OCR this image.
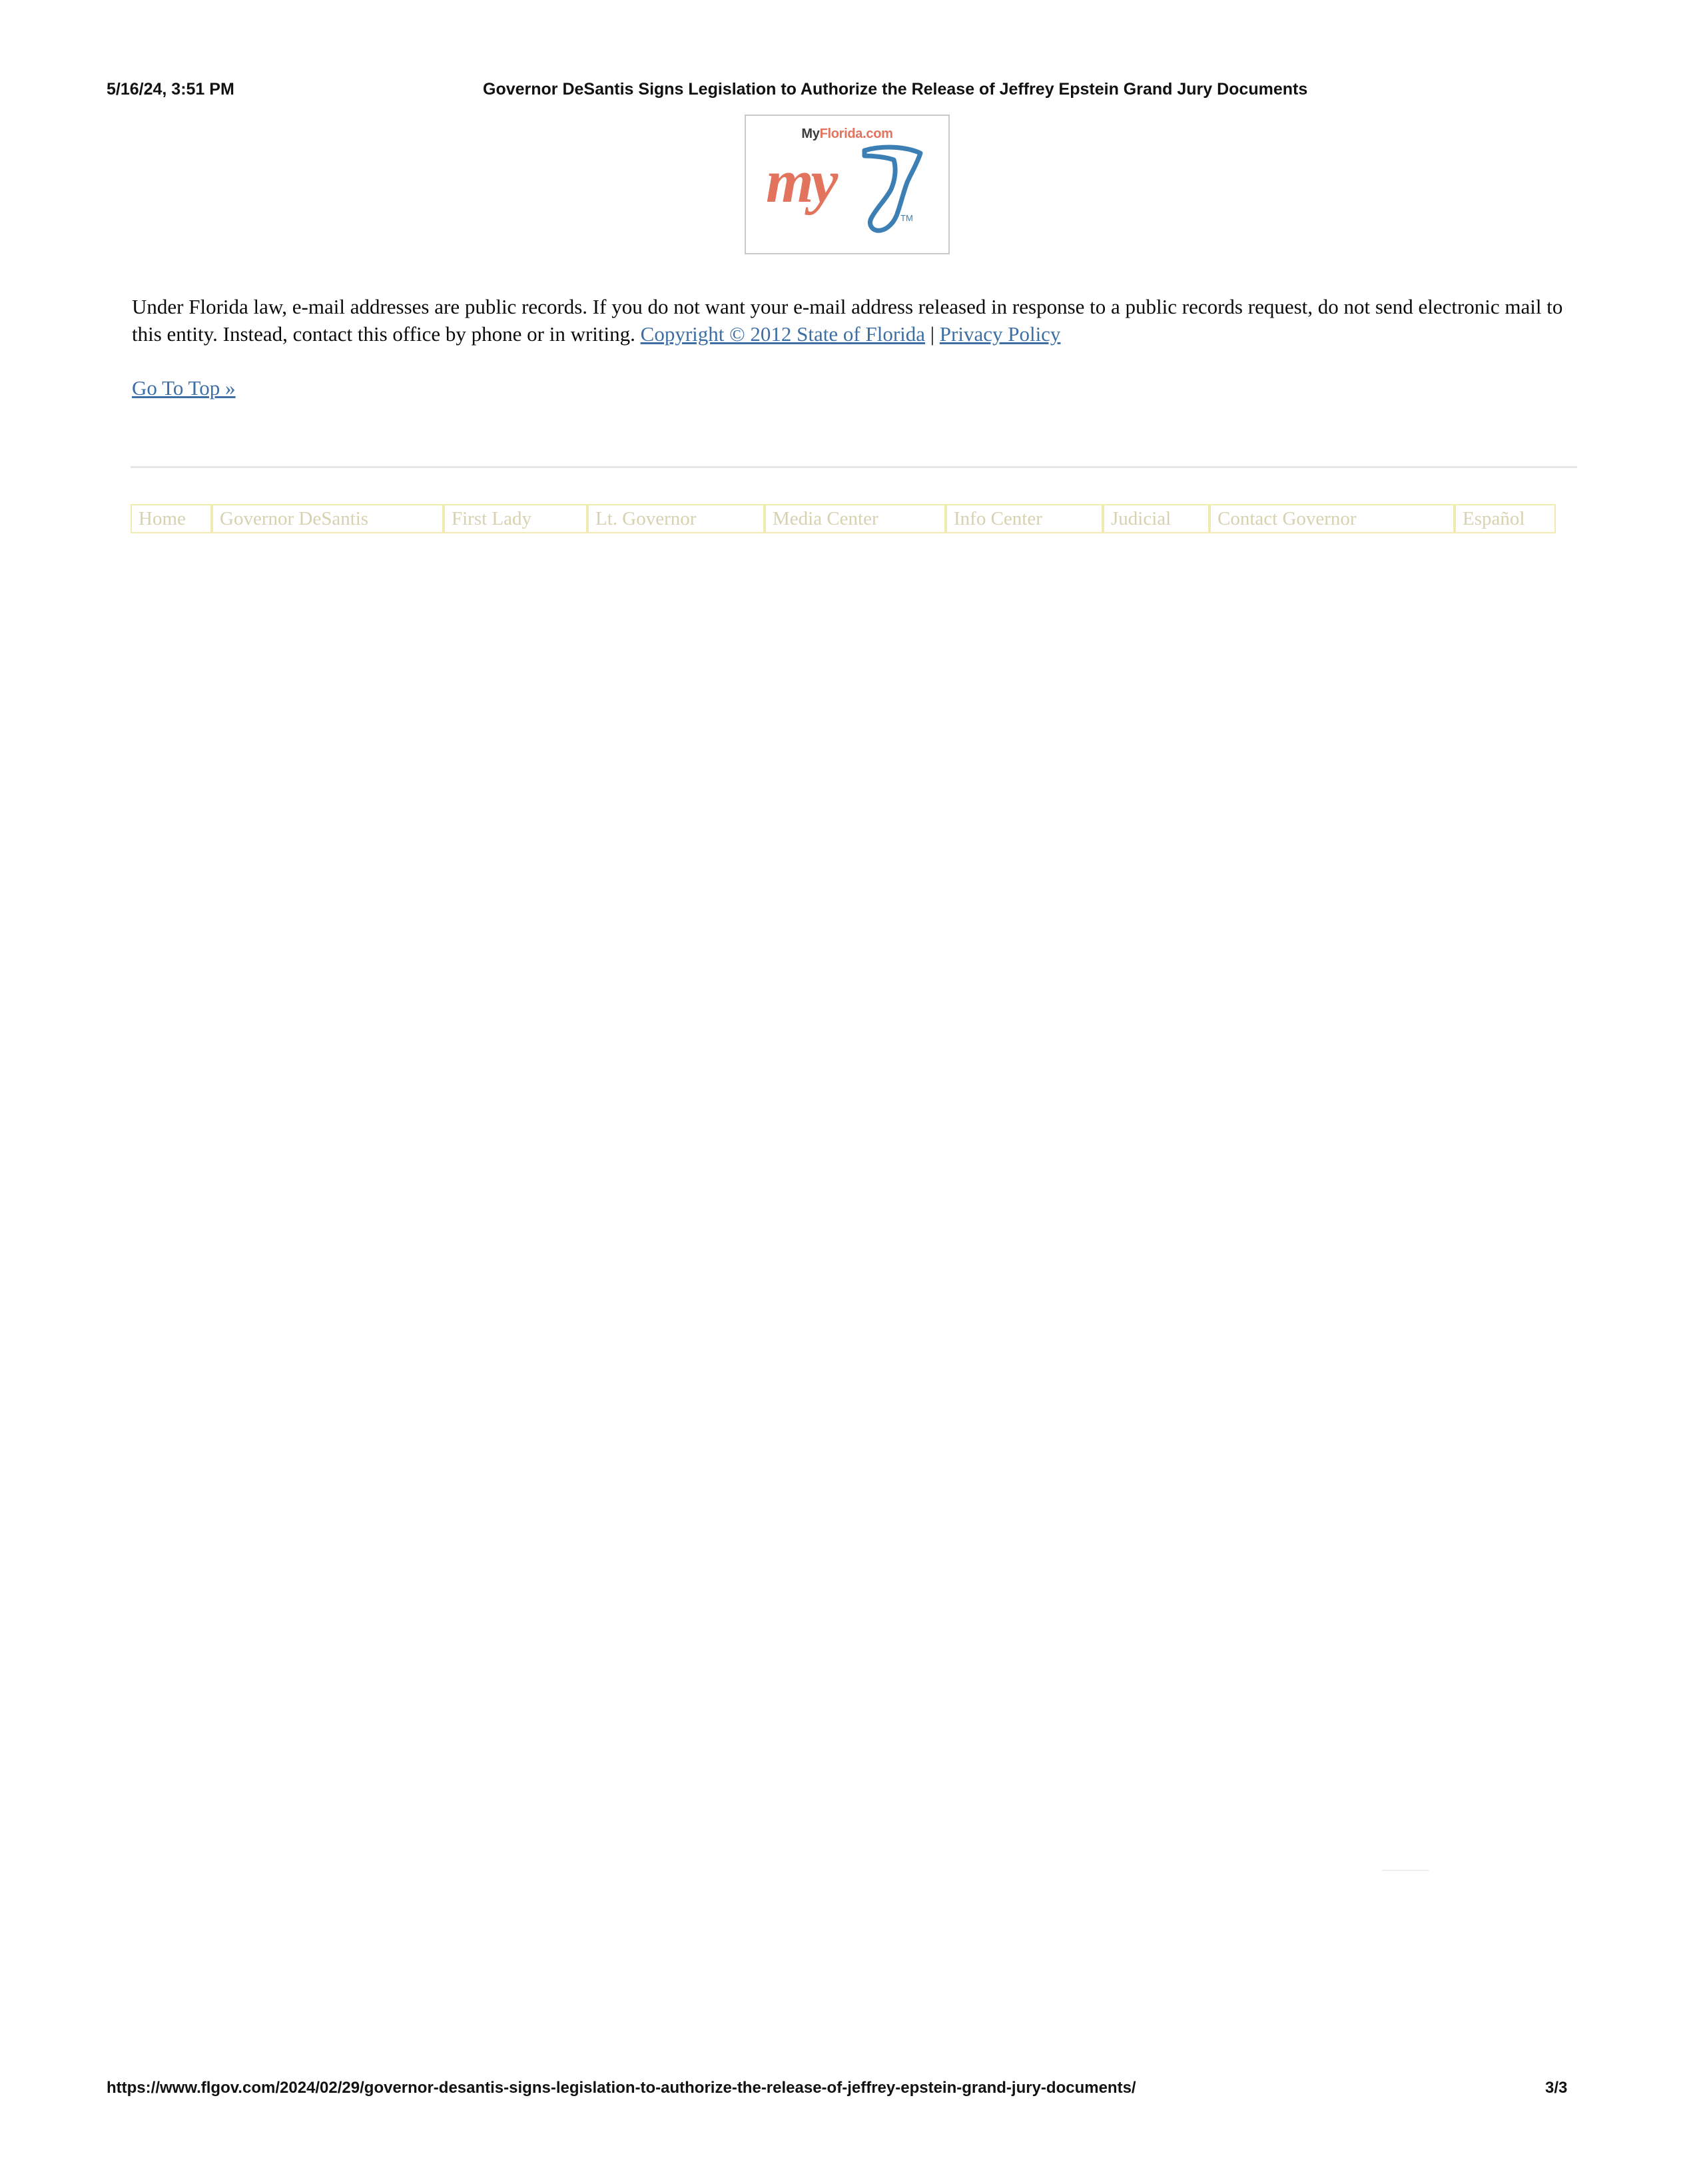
5/16/24, 3:51 PM	Governor DeSantis Signs Legislation to Authorize the Release of Jeffrey Epstein Grand Jury Documents
MyFlorida.com
my
TM
Under Florida law, e-mail addresses are public records. If you do not want your e-mail address released in response to a public records request, do not send electronic mail to this entity. Instead, contact this office by phone or in writing. Copyright © 2012 State of Florida | Privacy Policy
Go To Top »
Home	Governor DeSantis	First Lady	Lt. Governor	Media Center	Info Center	Judicial	Contact Governor	Español
https://www.flgov.com/2024/02/29/governor-desantis-signs-legislation-to-authorize-the-release-of-jeffrey-epstein-grand-jury-documents/	3/3
